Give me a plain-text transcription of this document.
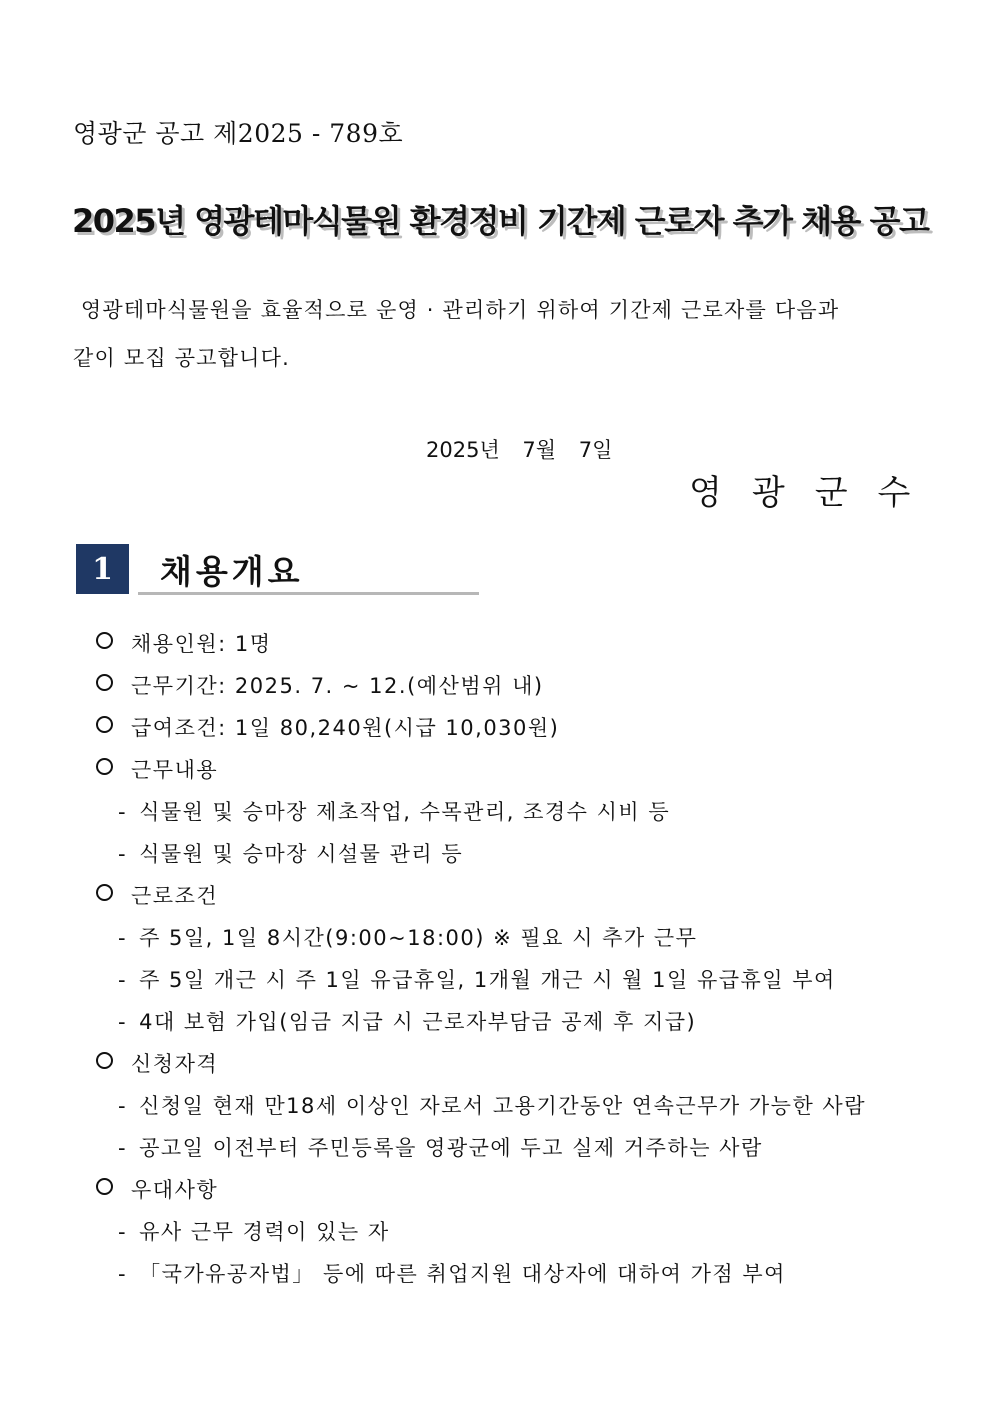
영광군 공고 제2025 - 789호
2025년 영광테마식물원 환경정비 기간제 근로자 추가 채용 공고
영광테마식물원을 효율적으로 운영 · 관리하기 위하여 기간제 근로자를 다음과
같이 모집 공고합니다.
2025년 7월 7일
영광군수
1	채용개요
채용인원: 1명
근무기간: 2025. 7. ~ 12.(예산범위 내)
급여조건: 1일 80,240원(시급 10,030원)
근무내용
- 식물원 및 승마장 제초작업, 수목관리, 조경수 시비 등
- 식물원 및 승마장 시설물 관리 등
근로조건
- 주 5일, 1일 8시간(9:00~18:00) ※ 필요 시 추가 근무
- 주 5일 개근 시 주 1일 유급휴일, 1개월 개근 시 월 1일 유급휴일 부여
- 4대 보험 가입(임금 지급 시 근로자부담금 공제 후 지급)
신청자격
- 신청일 현재 만18세 이상인 자로서 고용기간동안 연속근무가 가능한 사람
- 공고일 이전부터 주민등록을 영광군에 두고 실제 거주하는 사람
우대사항
- 유사 근무 경력이 있는 자
- 「국가유공자법」 등에 따른 취업지원 대상자에 대하여 가점 부여
